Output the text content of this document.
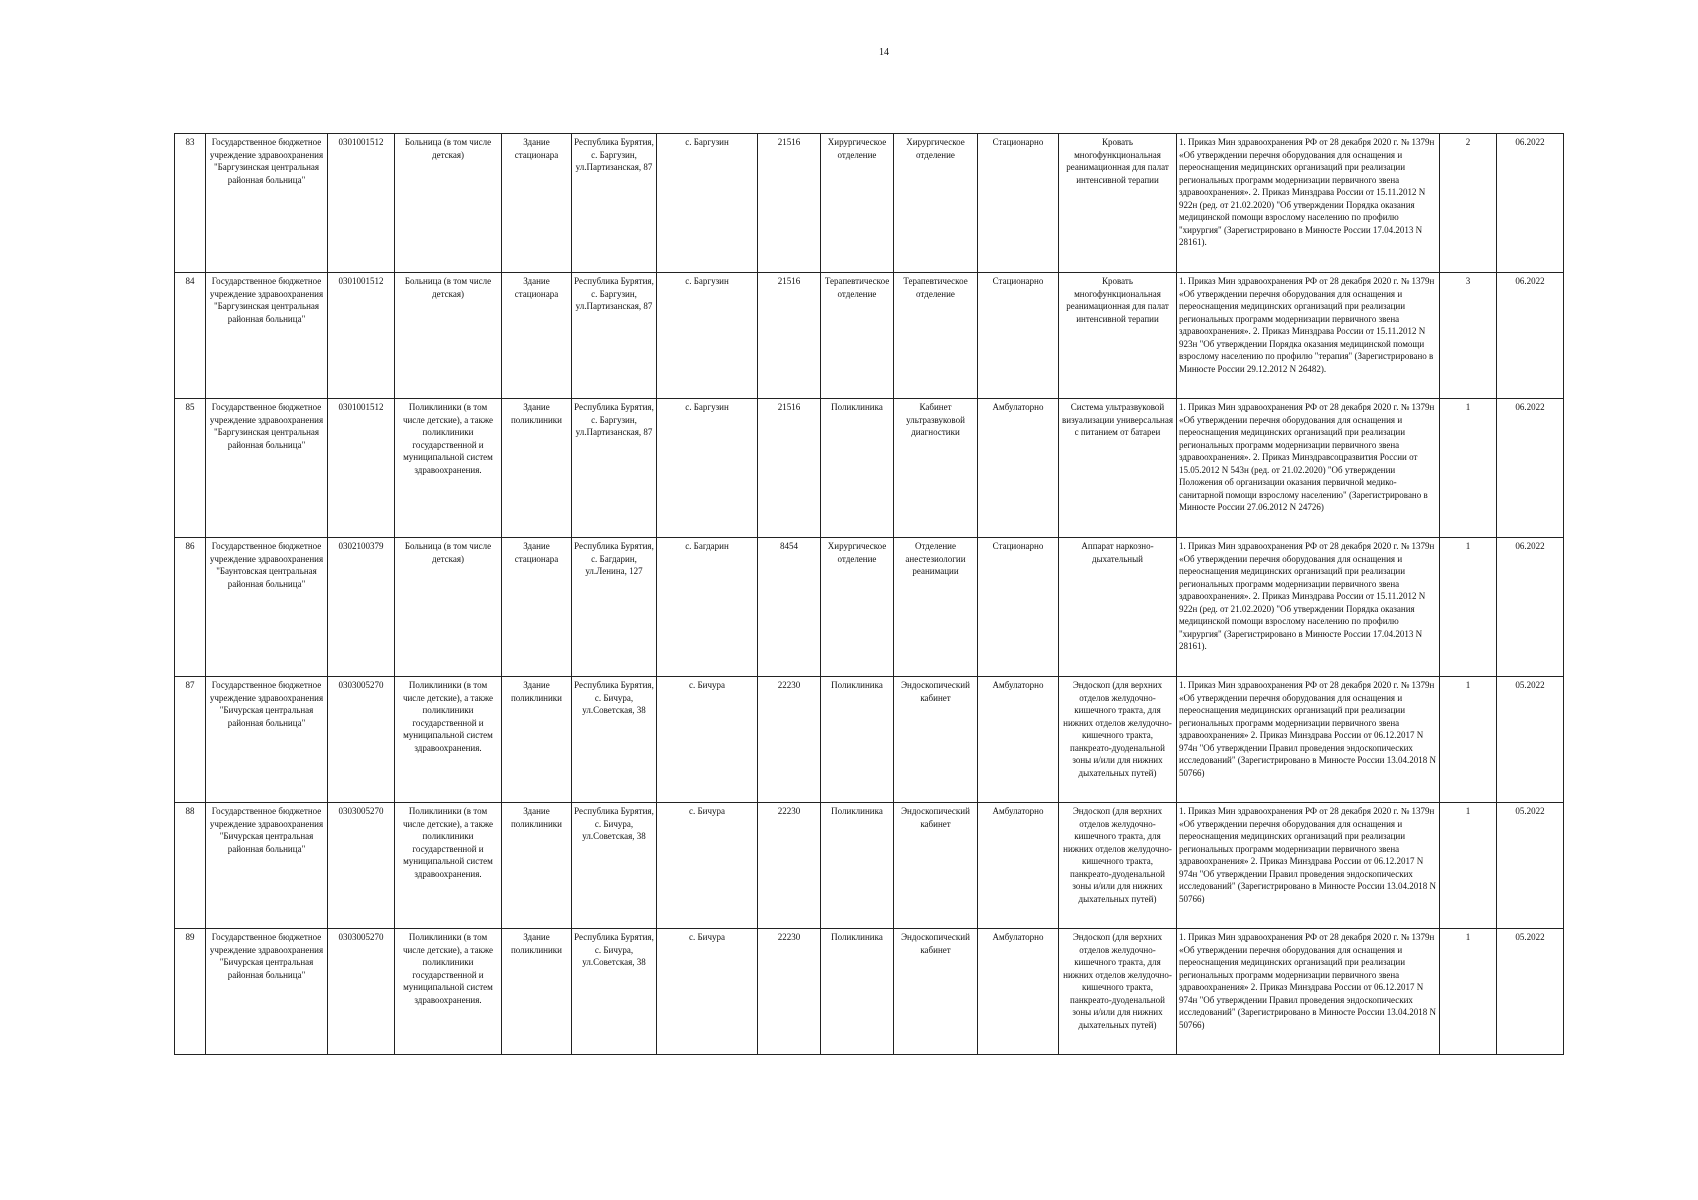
14
83	Государственное бюджетное учреждение здравоохранения "Баргузинская центральная районная больница"	0301001512	Больница (в том числе детская)	Здание стационара	Республика Бурятия, с. Баргузин, ул.Партизанская, 87	с. Баргузин	21516	Хирургическое отделение	Хирургическое отделение	Стационарно	Кровать многофункциональная реанимационная для палат интенсивной терапии	1. Приказ Мин здравоохранения РФ от 28 декабря 2020 г. № 1379н «Об утверждении перечня оборудования для оснащения и переоснащения медицинских организаций при реализации региональных программ модернизации первичного звена здравоохранения». 2. Приказ Минздрава России от 15.11.2012 N 922н (ред. от 21.02.2020) "Об утверждении Порядка оказания медицинской помощи взрослому населению по профилю "хирургия" (Зарегистрировано в Минюсте России 17.04.2013 N 28161).	2	06.2022
84	Государственное бюджетное учреждение здравоохранения "Баргузинская центральная районная больница"	0301001512	Больница (в том числе детская)	Здание стационара	Республика Бурятия, с. Баргузин, ул.Партизанская, 87	с. Баргузин	21516	Терапевтическое отделение	Терапевтическое отделение	Стационарно	Кровать многофункциональная реанимационная для палат интенсивной терапии	1. Приказ Мин здравоохранения РФ от 28 декабря 2020 г. № 1379н «Об утверждении перечня оборудования для оснащения и переоснащения медицинских организаций при реализации региональных программ модернизации первичного звена здравоохранения». 2. Приказ Минздрава России от 15.11.2012 N 923н "Об утверждении Порядка оказания медицинской помощи взрослому населению по профилю "терапия" (Зарегистрировано в Минюсте России 29.12.2012 N 26482).	3	06.2022
85	Государственное бюджетное учреждение здравоохранения "Баргузинская центральная районная больница"	0301001512	Поликлиники (в том числе детские), а также поликлиники государственной и муниципальной систем здравоохранения.	Здание поликлиники	Республика Бурятия, с. Баргузин, ул.Партизанская, 87	с. Баргузин	21516	Поликлиника	Кабинет ультразвуковой диагностики	Амбулаторно	Система ультразвуковой визуализации универсальная с питанием от батареи	1. Приказ Мин здравоохранения РФ от 28 декабря 2020 г. № 1379н «Об утверждении перечня оборудования для оснащения и переоснащения медицинских организаций при реализации региональных программ модернизации первичного звена здравоохранения». 2. Приказ Минздравсоцразвития России от 15.05.2012 N 543н (ред. от 21.02.2020) "Об утверждении Положения об организации оказания первичной медико-санитарной помощи взрослому населению" (Зарегистрировано в Минюсте России 27.06.2012 N 24726)	1	06.2022
86	Государственное бюджетное учреждение здравоохранения "Баунтовская центральная районная больница"	0302100379	Больница (в том числе детская)	Здание стационара	Республика Бурятия, с. Багдарин, ул.Ленина, 127	с. Багдарин	8454	Хирургическое отделение	Отделение анестезиологии реанимации	Стационарно	Аппарат наркозно-дыхательный	1. Приказ Мин здравоохранения РФ от 28 декабря 2020 г. № 1379н «Об утверждении перечня оборудования для оснащения и переоснащения медицинских организаций при реализации региональных программ модернизации первичного звена здравоохранения». 2. Приказ Минздрава России от 15.11.2012 N 922н (ред. от 21.02.2020) "Об утверждении Порядка оказания медицинской помощи взрослому населению по профилю "хирургия" (Зарегистрировано в Минюсте России 17.04.2013 N 28161).	1	06.2022
87	Государственное бюджетное учреждение здравоохранения "Бичурская центральная районная больница"	0303005270	Поликлиники (в том числе детские), а также поликлиники государственной и муниципальной систем здравоохранения.	Здание поликлиники	Республика Бурятия, с. Бичура, ул.Советская, 38	с. Бичура	22230	Поликлиника	Эндоскопический кабинет	Амбулаторно	Эндоскоп (для верхних отделов желудочно-кишечного тракта, для нижних отделов желудочно-кишечного тракта, панкреато-дуоденальной зоны и/или для нижних дыхательных путей)	1. Приказ Мин здравоохранения РФ от 28 декабря 2020 г. № 1379н «Об утверждении перечня оборудования для оснащения и переоснащения медицинских организаций при реализации региональных программ модернизации первичного звена здравоохранения» 2. Приказ Минздрава России от 06.12.2017 N 974н "Об утверждении Правил проведения эндоскопических исследований" (Зарегистрировано в Минюсте России 13.04.2018 N 50766)	1	05.2022
88	Государственное бюджетное учреждение здравоохранения "Бичурская центральная районная больница"	0303005270	Поликлиники (в том числе детские), а также поликлиники государственной и муниципальной систем здравоохранения.	Здание поликлиники	Республика Бурятия, с. Бичура, ул.Советская, 38	с. Бичура	22230	Поликлиника	Эндоскопический кабинет	Амбулаторно	Эндоскоп (для верхних отделов желудочно-кишечного тракта, для нижних отделов желудочно-кишечного тракта, панкреато-дуоденальной зоны и/или для нижних дыхательных путей)	1. Приказ Мин здравоохранения РФ от 28 декабря 2020 г. № 1379н «Об утверждении перечня оборудования для оснащения и переоснащения медицинских организаций при реализации региональных программ модернизации первичного звена здравоохранения» 2. Приказ Минздрава России от 06.12.2017 N 974н "Об утверждении Правил проведения эндоскопических исследований" (Зарегистрировано в Минюсте России 13.04.2018 N 50766)	1	05.2022
89	Государственное бюджетное учреждение здравоохранения "Бичурская центральная районная больница"	0303005270	Поликлиники (в том числе детские), а также поликлиники государственной и муниципальной систем здравоохранения.	Здание поликлиники	Республика Бурятия, с. Бичура, ул.Советская, 38	с. Бичура	22230	Поликлиника	Эндоскопический кабинет	Амбулаторно	Эндоскоп (для верхних отделов желудочно-кишечного тракта, для нижних отделов желудочно-кишечного тракта, панкреато-дуоденальной зоны и/или для нижних дыхательных путей)	1. Приказ Мин здравоохранения РФ от 28 декабря 2020 г. № 1379н «Об утверждении перечня оборудования для оснащения и переоснащения медицинских организаций при реализации региональных программ модернизации первичного звена здравоохранения» 2. Приказ Минздрава России от 06.12.2017 N 974н "Об утверждении Правил проведения эндоскопических исследований" (Зарегистрировано в Минюсте России 13.04.2018 N 50766)	1	05.2022
